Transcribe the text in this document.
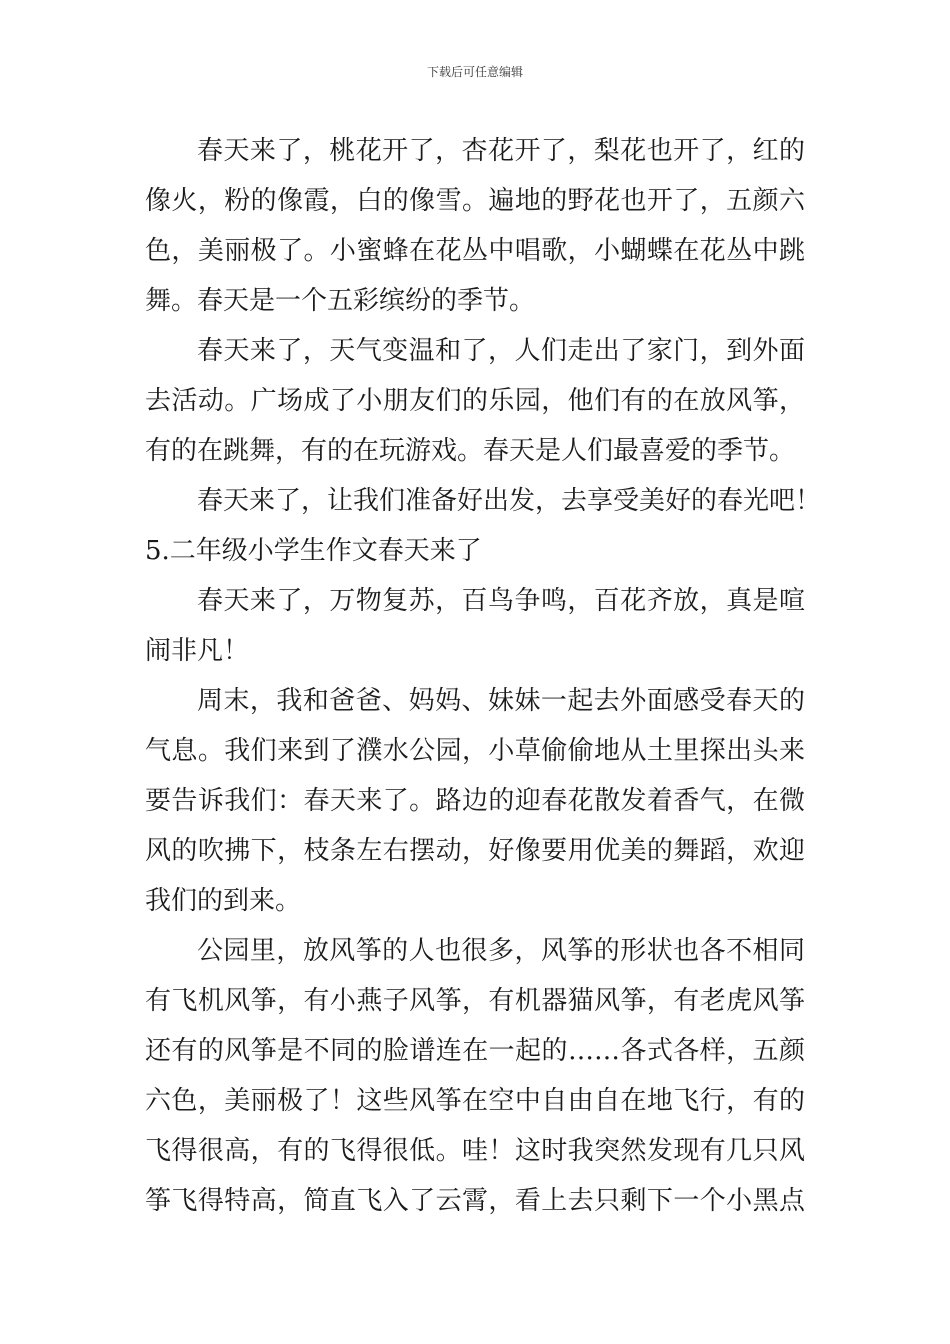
下载后可任意编辑
春天来了，桃花开了，杏花开了，梨花也开了，红的
像火，粉的像霞，白的像雪。遍地的野花也开了，五颜六
色，美丽极了。小蜜蜂在花丛中唱歌，小蝴蝶在花丛中跳
舞。春天是一个五彩缤纷的季节。
春天来了，天气变温和了，人们走出了家门，到外面
去活动。广场成了小朋友们的乐园，他们有的在放风筝，
有的在跳舞，有的在玩游戏。春天是人们最喜爱的季节。
春天来了，让我们准备好出发，去享受美好的春光吧！
5.二年级小学生作文春天来了
春天来了，万物复苏，百鸟争鸣，百花齐放，真是喧
闹非凡！
周末，我和爸爸、妈妈、妹妹一起去外面感受春天的
气息。我们来到了濮水公园，小草偷偷地从土里探出头来
要告诉我们：春天来了。路边的迎春花散发着香气，在微
风的吹拂下，枝条左右摆动，好像要用优美的舞蹈，欢迎
我们的到来。
公园里，放风筝的人也很多，风筝的形状也各不相同
有飞机风筝，有小燕子风筝，有机器猫风筝，有老虎风筝
还有的风筝是不同的脸谱连在一起的……各式各样，五颜
六色，美丽极了！这些风筝在空中自由自在地飞行，有的
飞得很高，有的飞得很低。哇！这时我突然发现有几只风
筝飞得特高，简直飞入了云霄，看上去只剩下一个小黑点
